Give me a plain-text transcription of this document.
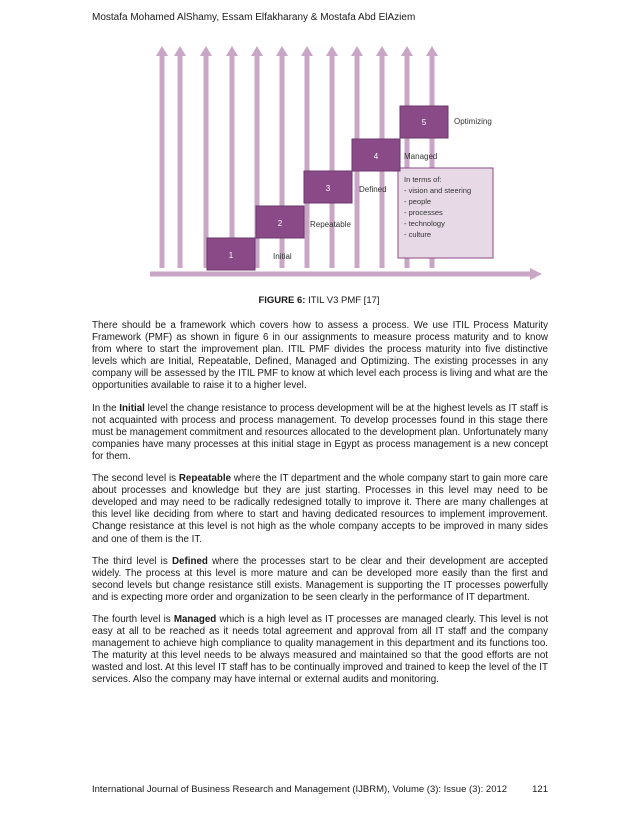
Mostafa Mohamed AlShamy, Essam Elfakharany & Mostafa Abd ElAziem
In terms of:
- vision and steering
- people
- processes
- technology
- culture
1	Initial
2	Repeatable
3	Defined
4	Managed
5	Optimizing
FIGURE 6: ITIL V3 PMF [17]

There should be a framework which covers how to assess a process. We use ITIL Process Maturity Framework (PMF) as shown in figure 6 in our assignments to measure process maturity and to know from where to start the improvement plan. ITIL PMF divides the process maturity into five distinctive levels which are Initial, Repeatable, Defined, Managed and Optimizing. The existing processes in any company will be assessed by the ITIL PMF to know at which level each process is living and what are the opportunities available to raise it to a higher level.

In the Initial level the change resistance to process development will be at the highest levels as IT staff is not acquainted with process and process management. To develop processes found in this stage there must be management commitment and resources allocated to the development plan. Unfortunately many companies have many processes at this initial stage in Egypt as process management is a new concept for them.

The second level is Repeatable where the IT department and the whole company start to gain more care about processes and knowledge but they are just starting. Processes in this level may need to be developed and may need to be radically redesigned totally to improve it. There are many challenges at this level like deciding from where to start and having dedicated resources to implement improvement. Change resistance at this level is not high as the whole company accepts to be improved in many sides and one of them is the IT.

The third level is Defined where the processes start to be clear and their development are accepted widely. The process at this level is more mature and can be developed more easily than the first and second levels but change resistance still exists. Management is supporting the IT processes powerfully and is expecting more order and organization to be seen clearly in the performance of IT department.

The fourth level is Managed which is a high level as IT processes are managed clearly. This level is not easy at all to be reached as it needs total agreement and approval from all IT staff and the company management to achieve high compliance to quality management in this department and its functions too. The maturity at this level needs to be always measured and maintained so that the good efforts are not wasted and lost. At this level IT staff has to be continually improved and trained to keep the level of the IT services. Also the company may have internal or external audits and monitoring.

International Journal of Business Research and Management (IJBRM), Volume (3): Issue (3): 2012	121
